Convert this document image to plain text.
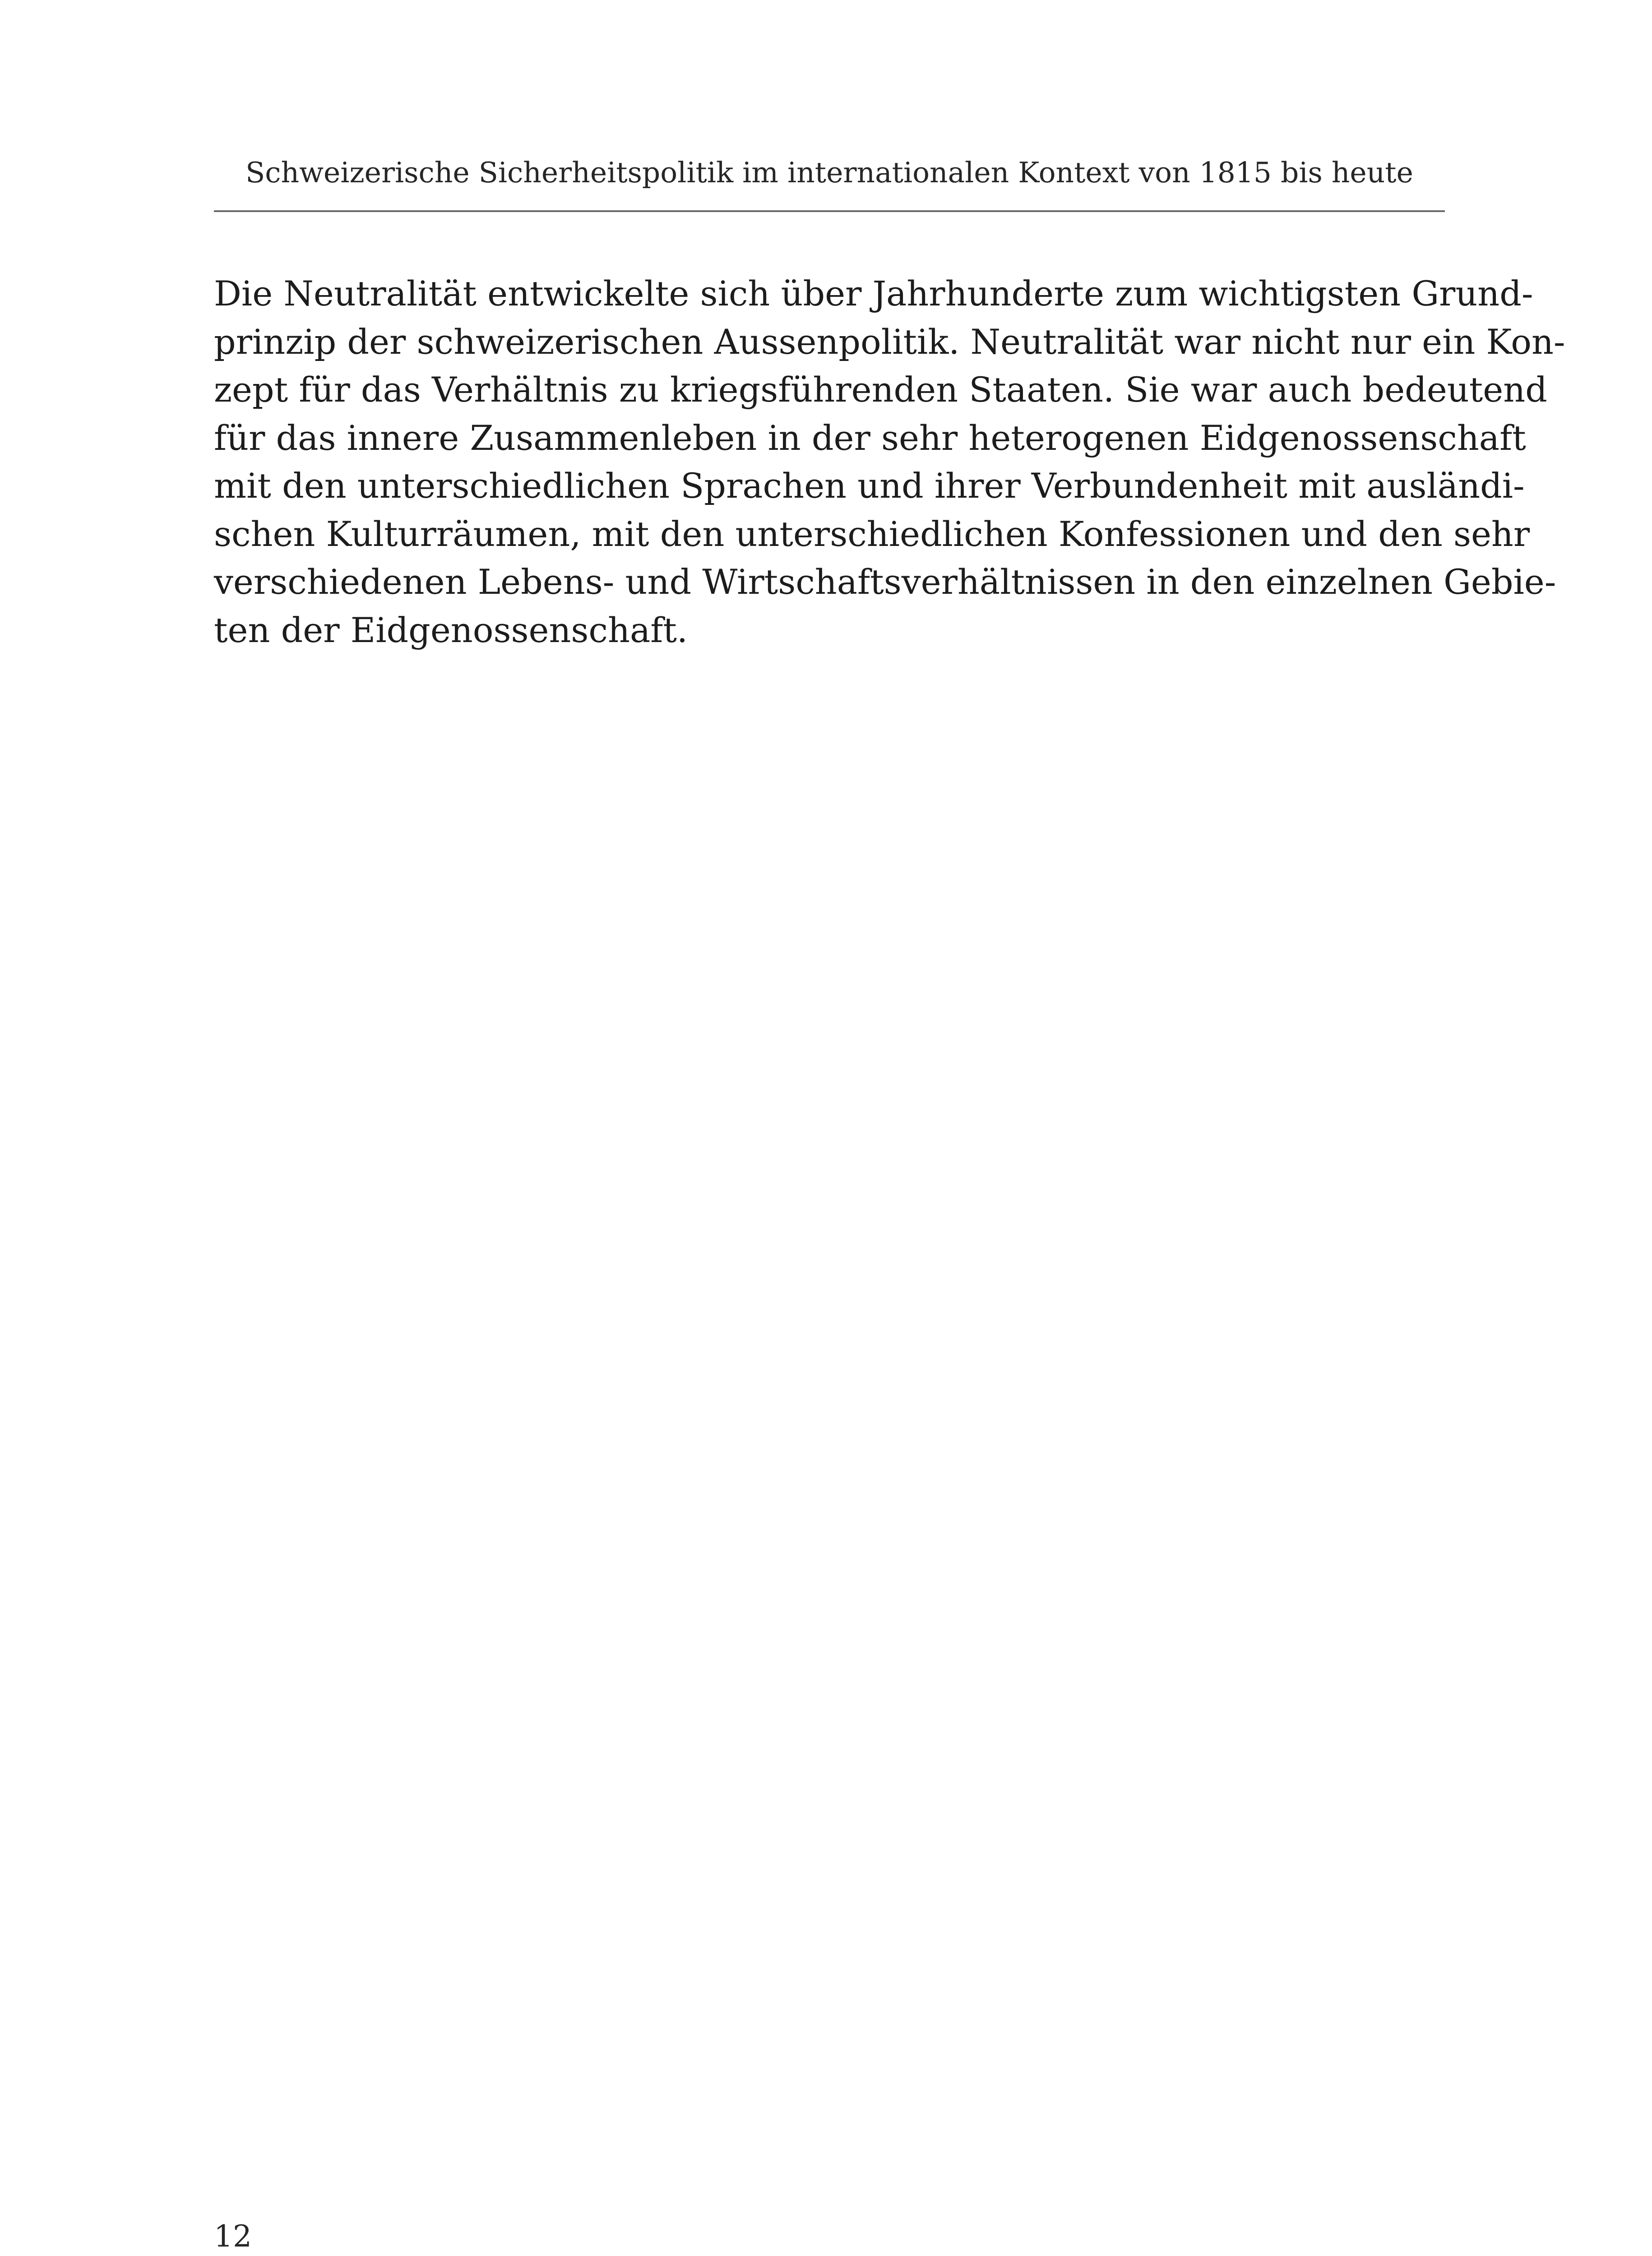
Schweizerische Sicherheitspolitik im internationalen Kontext von 1815 bis heute
Die Neutralität entwickelte sich über Jahrhunderte zum wichtigsten Grund-
prinzip der schweizerischen Aussenpolitik. Neutralität war nicht nur ein Kon-
zept für das Verhältnis zu kriegsführenden Staaten. Sie war auch bedeutend
für das innere Zusammenleben in der sehr heterogenen Eidgenossenschaft
mit den unterschiedlichen Sprachen und ihrer Verbundenheit mit ausländi-
schen Kulturräumen, mit den unterschiedlichen Konfessionen und den sehr
verschiedenen Lebens- und Wirtschaftsverhältnissen in den einzelnen Gebie-
ten der Eidgenossenschaft.
12
